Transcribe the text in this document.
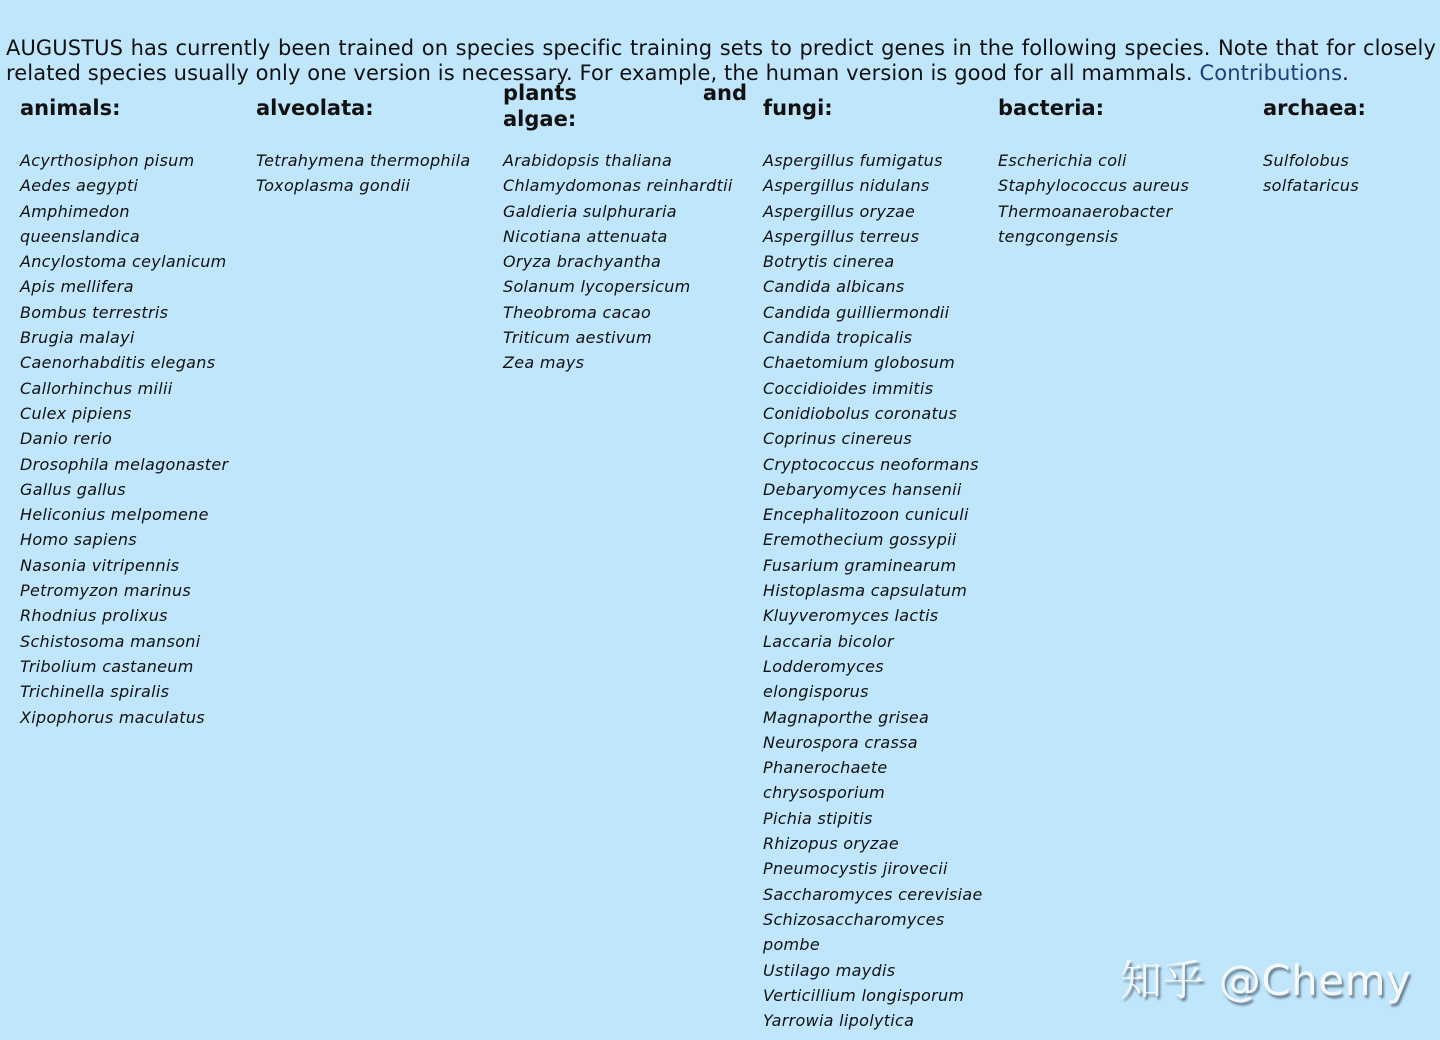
AUGUSTUS has currently been trained on species specific training sets to predict genes in the following species. Note that for closely related species usually only one version is necessary. For example, the human version is good for all mammals. Contributions.

animals:
Acyrthosiphon pisum
Aedes aegypti
Amphimedon
queenslandica
Ancylostoma ceylanicum
Apis mellifera
Bombus terrestris
Brugia malayi
Caenorhabditis elegans
Callorhinchus milii
Culex pipiens
Danio rerio
Drosophila melagonaster
Gallus gallus
Heliconius melpomene
Homo sapiens
Nasonia vitripennis
Petromyzon marinus
Rhodnius prolixus
Schistosoma mansoni
Tribolium castaneum
Trichinella spiralis
Xipophorus maculatus
alveolata:
Tetrahymena thermophila
Toxoplasma gondii
plants	and
algae:
Arabidopsis thaliana
Chlamydomonas reinhardtii
Galdieria sulphuraria
Nicotiana attenuata
Oryza brachyantha
Solanum lycopersicum
Theobroma cacao
Triticum aestivum
Zea mays
fungi:
Aspergillus fumigatus
Aspergillus nidulans
Aspergillus oryzae
Aspergillus terreus
Botrytis cinerea
Candida albicans
Candida guilliermondii
Candida tropicalis
Chaetomium globosum
Coccidioides immitis
Conidiobolus coronatus
Coprinus cinereus
Cryptococcus neoformans
Debaryomyces hansenii
Encephalitozoon cuniculi
Eremothecium gossypii
Fusarium graminearum
Histoplasma capsulatum
Kluyveromyces lactis
Laccaria bicolor
Lodderomyces
elongisporus
Magnaporthe grisea
Neurospora crassa
Phanerochaete
chrysosporium
Pichia stipitis
Rhizopus oryzae
Pneumocystis jirovecii
Saccharomyces cerevisiae
Schizosaccharomyces
pombe
Ustilago maydis
Verticillium longisporum
Yarrowia lipolytica
bacteria:
Escherichia coli
Staphylococcus aureus
Thermoanaerobacter
tengcongensis
archaea:
Sulfolobus
solfataricus
知乎 @Chemy
